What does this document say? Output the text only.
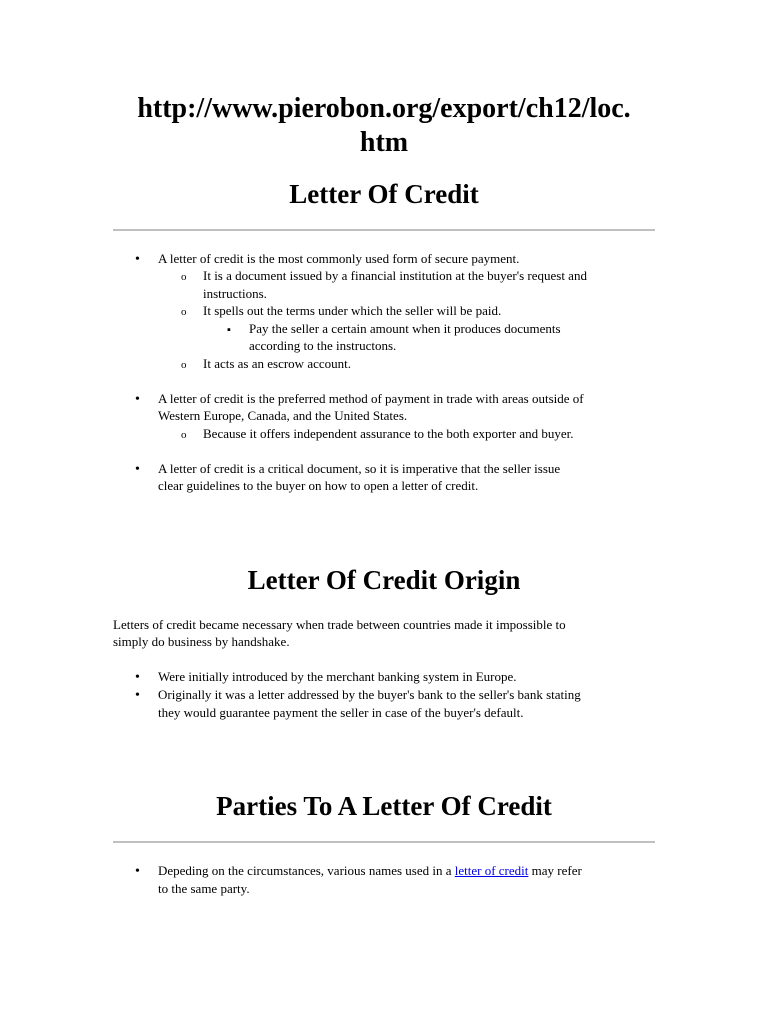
http://www.pierobon.org/export/ch12/loc.
htm
Letter Of Credit
•

A letter of credit is the most commonly used form of secure payment.

o

It is a document issued by a financial institution at the buyer's request and

instructions.

o

It spells out the terms under which the seller will be paid.

▪

Pay the seller a certain amount when it produces documents

according to the instructons.

o

It acts as an escrow account.

•

A letter of credit is the preferred method of payment in trade with areas outside of

Western Europe, Canada, and the United States.

o

Because it offers independent assurance to the both exporter and buyer.

•

A letter of credit is a critical document, so it is imperative that the seller issue

clear guidelines to the buyer on how to open a letter of credit.

Letter Of Credit Origin

Letters of credit became necessary when trade between countries made it impossible to

simply do business by handshake.

•

Were initially introduced by the merchant banking system in Europe.

•

Originally it was a letter addressed by the buyer's bank to the seller's bank stating

they would guarantee payment the seller in case of the buyer's default.

Parties To A Letter Of Credit
•

Depeding on the circumstances, various names used in a letter of credit may refer

to the same party.
